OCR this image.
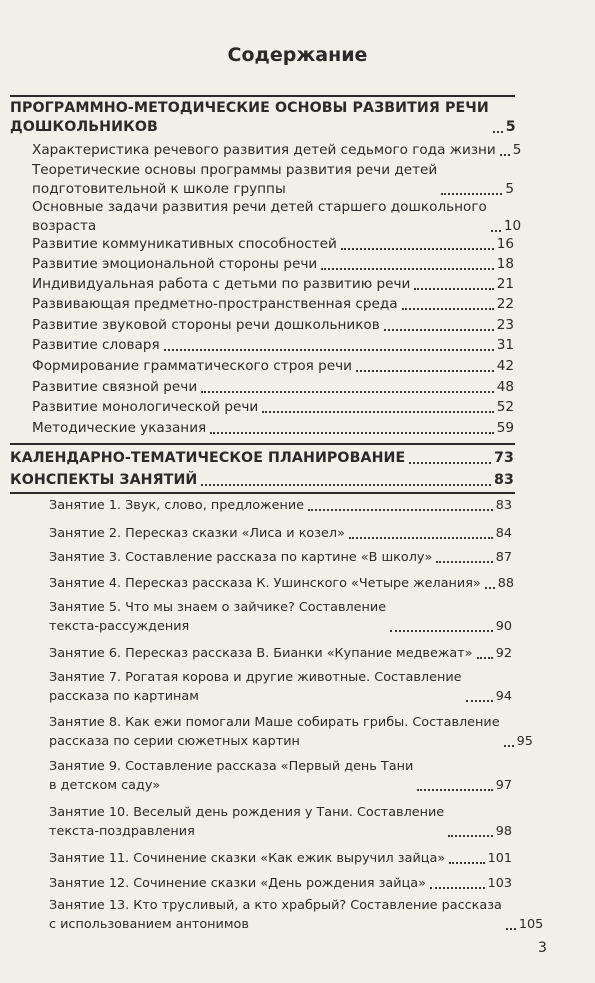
Содержание
ПРОГРАММНО-МЕТОДИЧЕСКИЕ ОСНОВЫ РАЗВИТИЯ РЕЧИ
ДОШКОЛЬНИКОВ	5
Характеристика речевого развития детей седьмого года жизни 5
Теоретические основы программы развития речи детей
подготовительной к школе группы	5
Основные задачи развития речи детей старшего дошкольного
возраста	10
Развитие коммуникативных способностей	16
Развитие эмоциональной стороны речи	18
Индивидуальная работа с детьми по развитию речи	21
Развивающая предметно-пространственная среда	22
Развитие звуковой стороны речи дошкольников	23
Развитие словаря	31
Формирование грамматического строя речи	42
Развитие связной речи	48
Развитие монологической речи	52
Методические указания	59
КАЛЕНДАРНО-ТЕМАТИЧЕСКОЕ ПЛАНИРОВАНИЕ	73
КОНСПЕКТЫ ЗАНЯТИЙ	83
Занятие 1. Звук, слово, предложение	83
Занятие 2. Пересказ сказки «Лиса и козел»	84
Занятие 3. Составление рассказа по картине «В школу»	87
Занятие 4. Пересказ рассказа К. Ушинского «Четыре желания» 88
Занятие 5. Что мы знаем о зайчике? Составление
текста-рассуждения	90
Занятие 6. Пересказ рассказа В. Бианки «Купание медвежат» 92
Занятие 7. Рогатая корова и другие животные. Составление
рассказа по картинам	94
Занятие 8. Как ежи помогали Маше собирать грибы. Составление
рассказа по серии сюжетных картин	95
Занятие 9. Составление рассказа «Первый день Тани
в детском саду»	97
Занятие 10. Веселый день рождения у Тани. Составление
текста-поздравления	98
Занятие 11. Сочинение сказки «Как ежик выручил зайца»	101
Занятие 12. Сочинение сказки «День рождения зайца»	103
Занятие 13. Кто трусливый, а кто храбрый? Составление рассказа
с использованием антонимов	105
3
